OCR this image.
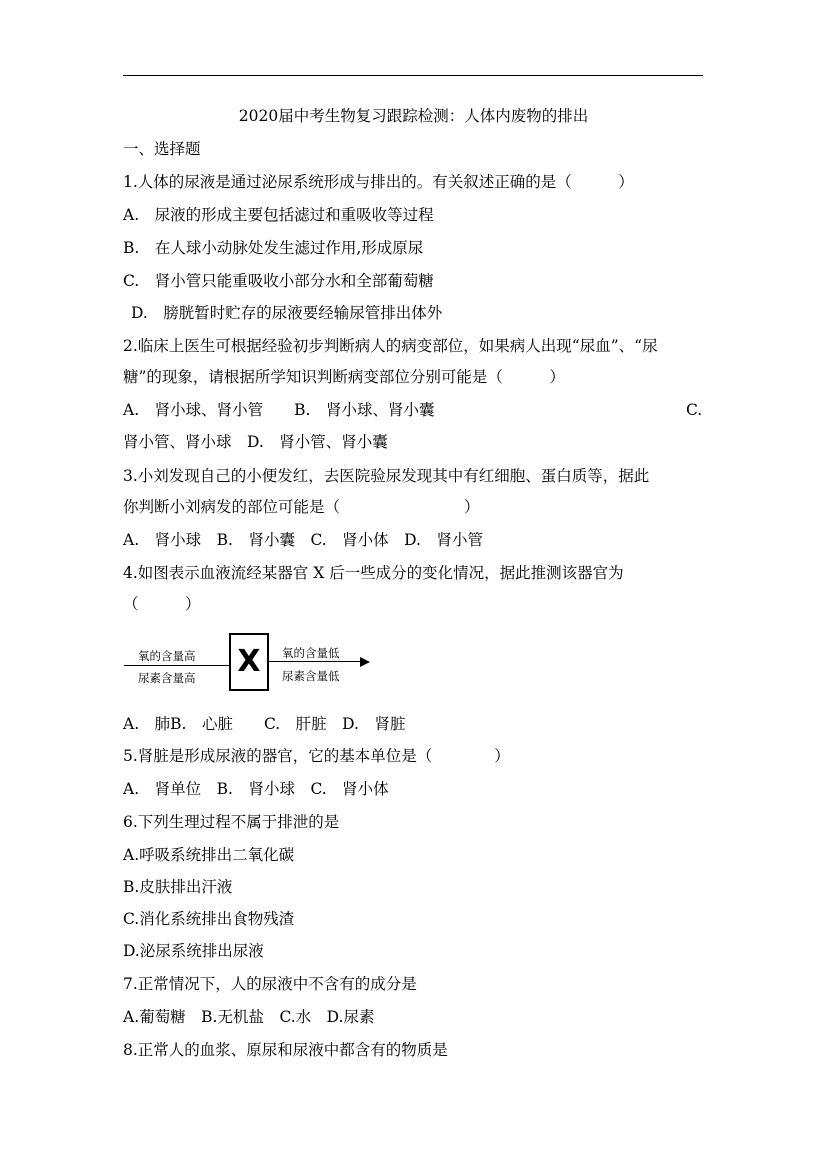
2020届中考生物复习跟踪检测：人体内废物的排出
一、选择题
1.人体的尿液是通过泌尿系统形成与排出的。有关叙述正确的是（　　　）
A.　尿液的形成主要包括滤过和重吸收等过程
B.　在人球小动脉处发生滤过作用,形成原尿
C.　肾小管只能重吸收小部分水和全部葡萄糖
D.　膀胱暂时贮存的尿液要经输尿管排出体外
2.临床上医生可根据经验初步判断病人的病变部位，如果病人出现“尿血”、“尿
糖”的现象，请根据所学知识判断病变部位分别可能是（　　　）
A.　肾小球、肾小管　　B.　肾小球、肾小囊	C.
肾小管、肾小球　D.　肾小管、肾小囊
3.小刘发现自己的小便发红，去医院验尿发现其中有红细胞、蛋白质等，据此
你判断小刘病发的部位可能是（　　　　　　　　）
A.　肾小球　B.　肾小囊　C.　肾小体　D.　肾小管
4.如图表示血液流经某器官 X 后一些成分的变化情况，据此推测该器官为
（　　　）
氧的含量高
尿素含量高 X	氧的含量低
尿素含量低
A.　肺B.　心脏　　C.　肝脏　D.　肾脏
5.肾脏是形成尿液的器官，它的基本单位是（　　　　）
A.　肾单位　B.　肾小球　C.　肾小体
6.下列生理过程不属于排泄的是
A.呼吸系统排出二氧化碳
B.皮肤排出汗液
C.消化系统排出食物残渣
D.泌尿系统排出尿液
7.正常情况下，人的尿液中不含有的成分是
A.葡萄糖　B.无机盐　C.水　D.尿素
8.正常人的血浆、原尿和尿液中都含有的物质是
